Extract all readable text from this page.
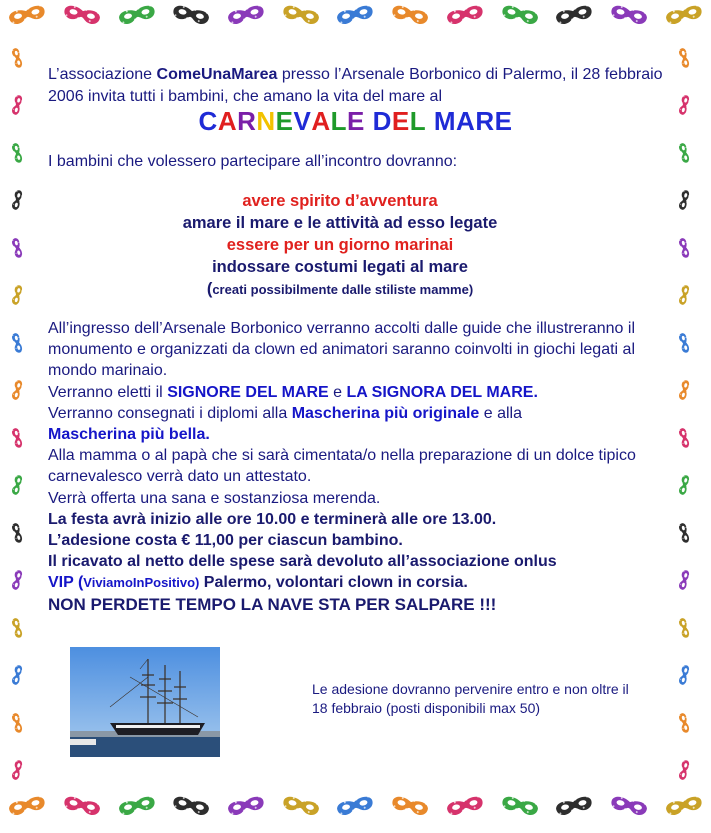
L’associazione ComeUnaMarea presso l’Arsenale Borbonico di Palermo, il 28 febbraio 2006 invita tutti i bambini, che amano la vita del mare al

CARNEVALE DEL MARE
I bambini che volessero partecipare all’incontro dovranno:
avere spirito d’avventura
amare il mare e le attività ad esso legate
essere per un giorno marinai
indossare costumi legati al mare
(creati possibilmente dalle stiliste mamme)
All’ingresso dell’Arsenale Borbonico verranno accolti dalle guide che illustreranno il monumento e organizzati da clown ed animatori saranno coinvolti in giochi legati al mondo marinaio.
Verranno eletti il SIGNORE DEL MARE e LA SIGNORA DEL MARE.
Verranno consegnati i diplomi alla Mascherina più originale e alla
Mascherina più bella.
Alla mamma o al papà che si sarà cimentata/o nella preparazione di un dolce tipico carnevalesco verrà dato un attestato.
Verrà offerta una sana e sostanziosa merenda.
La festa avrà inizio alle ore 10.00 e terminerà alle ore 13.00.
L’adesione costa € 11,00 per ciascun bambino.
Il ricavato al netto delle spese sarà devoluto all’associazione onlus
VIP (ViviamoInPositivo) Palermo, volontari clown in corsia.
NON PERDETE TEMPO LA NAVE STA PER SALPARE !!!
Le adesione dovranno pervenire entro e non oltre il 18 febbraio (posti disponibili max 50)
